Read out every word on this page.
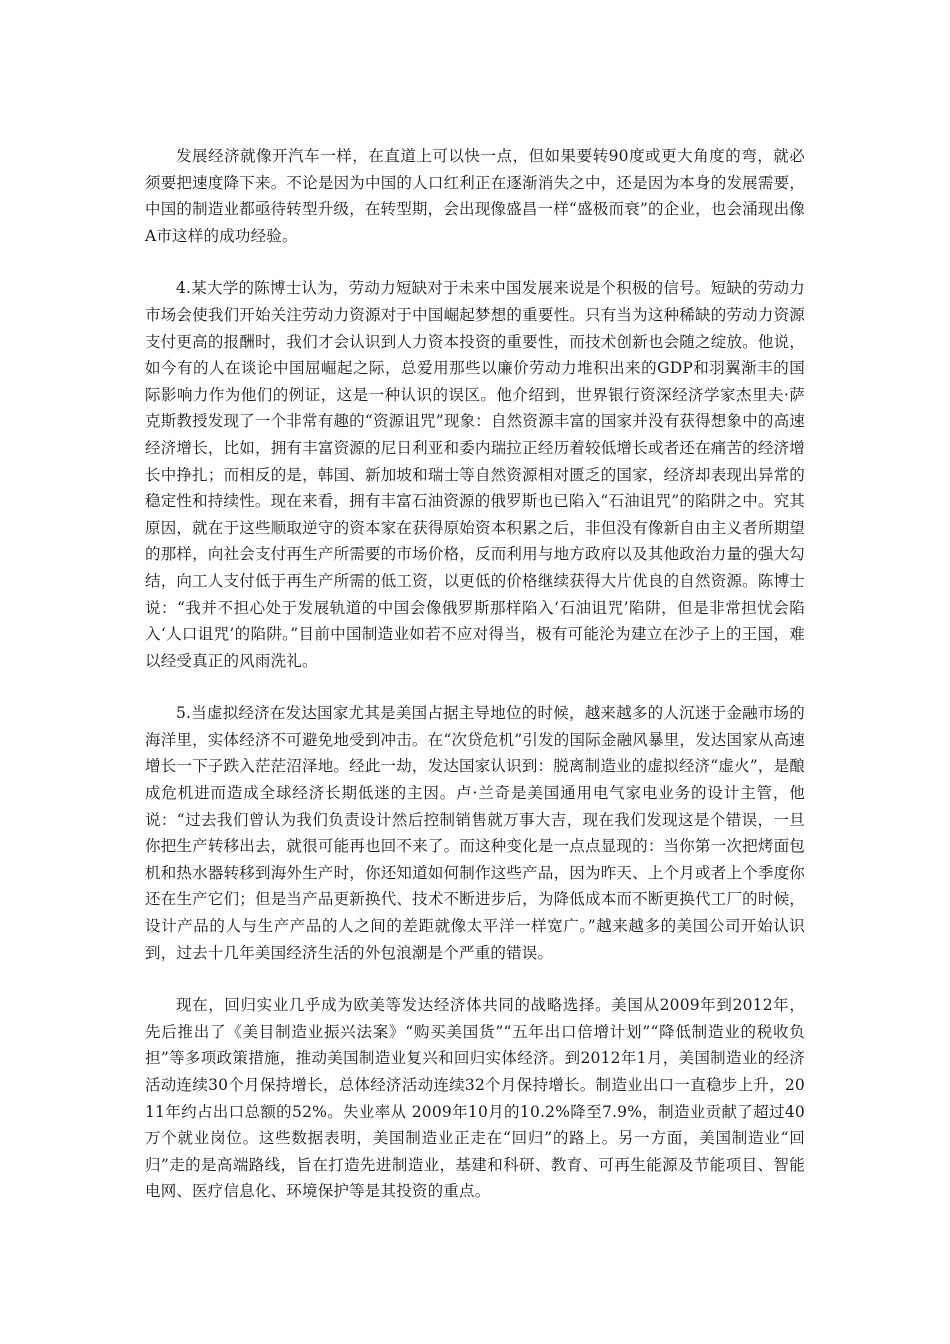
发展经济就像开汽车一样，在直道上可以快一点，但如果要转90度或更大角度的弯，就必须要把速度降下来。不论是因为中国的人口红利正在逐渐消失之中，还是因为本身的发展需要，中国的制造业都亟待转型升级，在转型期，会出现像盛昌一样“盛极而衰”的企业，也会涌现出像A市这样的成功经验。

4.某大学的陈博士认为，劳动力短缺对于未来中国发展来说是个积极的信号。短缺的劳动力市场会使我们开始关注劳动力资源对于中国崛起梦想的重要性。只有当为这种稀缺的劳动力资源支付更高的报酬时，我们才会认识到人力资本投资的重要性，而技术创新也会随之绽放。他说，如今有的人在谈论中国屈崛起之际，总爱用那些以廉价劳动力堆积出来的GDP和羽翼渐丰的国际影响力作为他们的例证，这是一种认识的误区。他介绍到，世界银行资深经济学家杰里夫·萨克斯教授发现了一个非常有趣的“资源诅咒”现象：自然资源丰富的国家并没有获得想象中的高速经济增长，比如，拥有丰富资源的尼日利亚和委内瑞拉正经历着较低增长或者还在痛苦的经济增长中挣扎；而相反的是，韩国、新加坡和瑞士等自然资源相对匮乏的国家，经济却表现出异常的稳定性和持续性。现在来看，拥有丰富石油资源的俄罗斯也已陷入“石油诅咒”的陷阱之中。究其原因，就在于这些顺取逆守的资本家在获得原始资本积累之后，非但没有像新自由主义者所期望的那样，向社会支付再生产所需要的市场价格，反而利用与地方政府以及其他政治力量的强大勾结，向工人支付低于再生产所需的低工资，以更低的价格继续获得大片优良的自然资源。陈博士说：“我并不担心处于发展轨道的中国会像俄罗斯那样陷入‘石油诅咒’陷阱，但是非常担忧会陷入‘人口诅咒’的陷阱。”目前中国制造业如若不应对得当，极有可能沦为建立在沙子上的王国，难以经受真正的风雨洗礼。

5.当虚拟经济在发达国家尤其是美国占据主导地位的时候，越来越多的人沉迷于金融市场的海洋里，实体经济不可避免地受到冲击。在“次贷危机”引发的国际金融风暴里，发达国家从高速增长一下子跌入茫茫沼泽地。经此一劫，发达国家认识到：脱离制造业的虚拟经济“虚火”，是酿成危机进而造成全球经济长期低迷的主因。卢·兰奇是美国通用电气家电业务的设计主管，他说：“过去我们曾认为我们负责设计然后控制销售就万事大吉，现在我们发现这是个错误，一旦你把生产转移出去，就很可能再也回不来了。而这种变化是一点点显现的：当你第一次把烤面包机和热水器转移到海外生产时，你还知道如何制作这些产品，因为昨天、上个月或者上个季度你还在生产它们；但是当产品更新换代、技术不断进步后，为降低成本而不断更换代工厂的时候，设计产品的人与生产产品的人之间的差距就像太平洋一样宽广。”越来越多的美国公司开始认识到，过去十几年美国经济生活的外包浪潮是个严重的错误。

现在，回归实业几乎成为欧美等发达经济体共同的战略选择。美国从2009年到2012年，先后推出了《美目制造业振兴法案》“购买美国货”“五年出口倍增计划”“降低制造业的税收负担”等多项政策措施，推动美国制造业复兴和回归实体经济。到2012年1月，美国制造业的经济活动连续30个月保持增长，总体经济活动连续32个月保持增长。制造业出口一直稳步上升，2011年约占出口总额的52%。失业率从 2009年10月的10.2%降至7.9%，制造业贡献了超过40万个就业岗位。这些数据表明，美国制造业正走在“回归”的路上。另一方面，美国制造业“回归”走的是高端路线，旨在打造先进制造业，基建和科研、教育、可再生能源及节能项目、智能电网、医疗信息化、环境保护等是其投资的重点。
